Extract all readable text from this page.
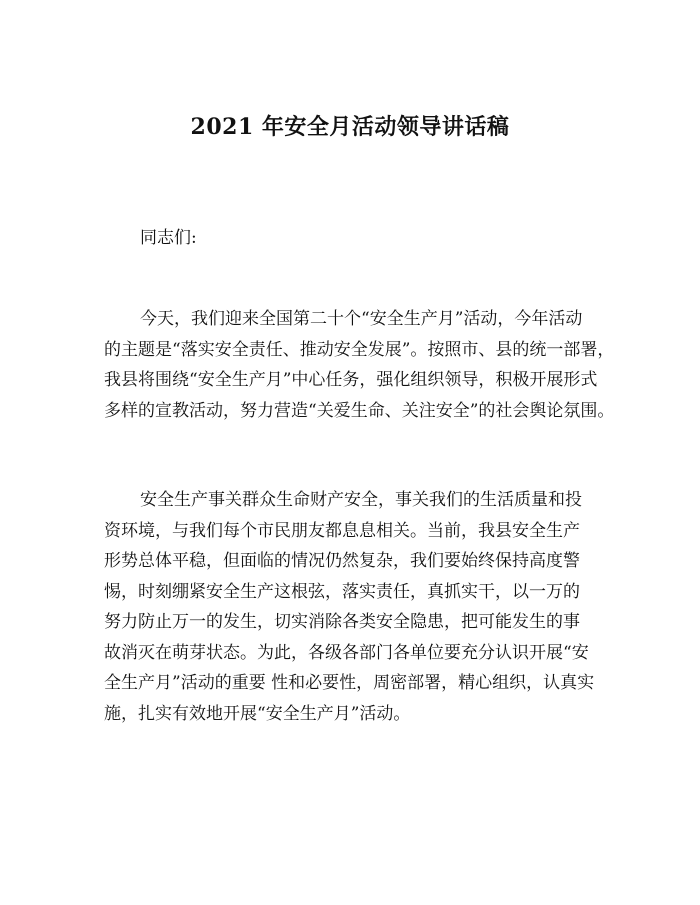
2021 年安全月活动领导讲话稿
同志们:
今天，我们迎来全国第二十个“安全生产月”活动，今年活动
的主题是“落实安全责任、推动安全发展”。按照市、县的统一部署，
我县将围绕“安全生产月”中心任务，强化组织领导，积极开展形式
多样的宣教活动，努力营造“关爱生命、关注安全”的社会舆论氛围。
安全生产事关群众生命财产安全，事关我们的生活质量和投
资环境，与我们每个市民朋友都息息相关。当前，我县安全生产
形势总体平稳，但面临的情况仍然复杂，我们要始终保持高度警
惕，时刻绷紧安全生产这根弦，落实责任，真抓实干，以一万的
努力防止万一的发生，切实消除各类安全隐患，把可能发生的事
故消灭在萌芽状态。为此，各级各部门各单位要充分认识开展“安
全生产月”活动的重要 性和必要性，周密部署，精心组织，认真实
施，扎实有效地开展“安全生产月”活动。
